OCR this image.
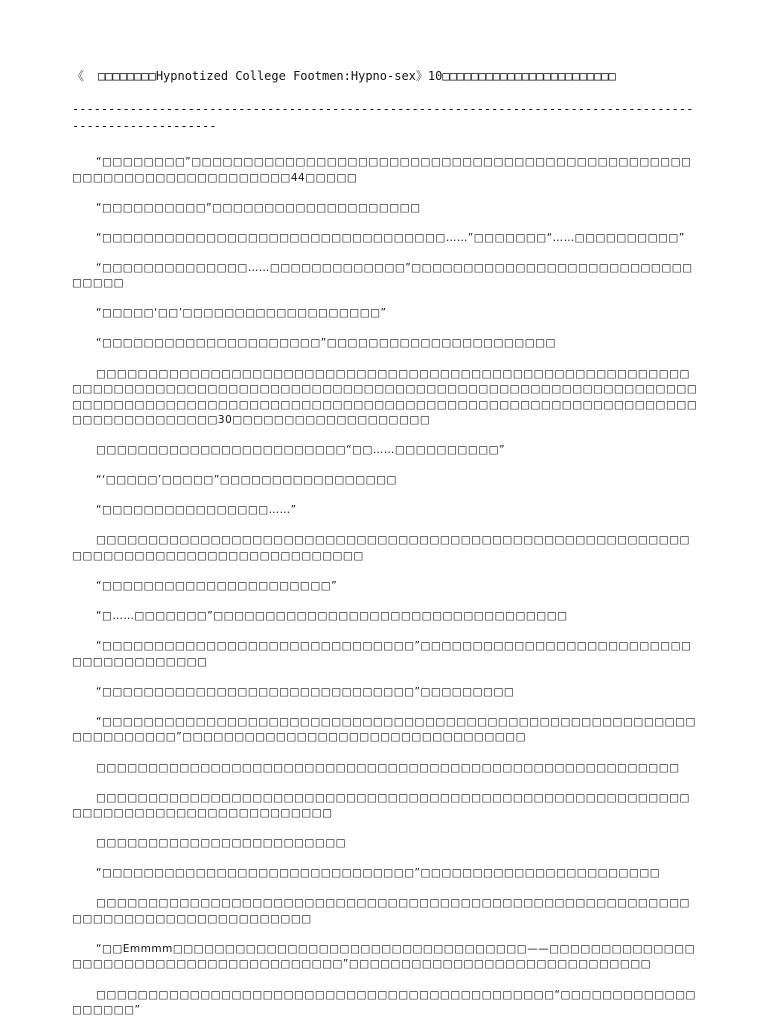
《 □□□□□□□□Hypnotized College Footmen:Hypno-sex》10□□□□□□□□□□□□□□□□□□□□□□□□
----------------------------------------------------------------------------------------------------------

“□□□□□□□□”□□□□□□□□□□□□□□□□□□□□□□□□□□□□□□□□□□□□□□□□□□□□□□□□□□□□□□□□□□□□□□□□□□□□□44□□□□□

“□□□□□□□□□□”□□□□□□□□□□□□□□□□□□□□

“□□□□□□□□□□□□□□□□□□□□□□□□□□□□□□□□□……”□□□□□□□“……□□□□□□□□□□”

“□□□□□□□□□□□□□□……□□□□□□□□□□□□□”□□□□□□□□□□□□□□□□□□□□□□□□□□□□□□□□

“□□□□□‘□□’□□□□□□□□□□□□□□□□□□□”

“□□□□□□□□□□□□□□□□□□□□□”□□□□□□□□□□□□□□□□□□□□□□

□□□□□□□□□□□□□□□□□□□□□□□□□□□□□□□□□□□□□□□□□□□□□□□□□□□□□□□□□□□□□□□□□□□□□□□□□□□□□□□□□□□□□□□□□□□□□□□□□□□□□□□□□□□□□□□□□□□□□□□□□□□□□□□□□□□□□□□□□□□□□□□□□□□□□□□□□□□□□□□□□□□□□□□□□□□□□□□□□□□□□□□□□□□□□□□30□□□□□□□□□□□□□□□□□□□

□□□□□□□□□□□□□□□□□□□□□□□□“□□……□□□□□□□□□□”

“‘□□□□□’□□□□□”□□□□□□□□□□□□□□□□□

“□□□□□□□□□□□□□□□□……”

□□□□□□□□□□□□□□□□□□□□□□□□□□□□□□□□□□□□□□□□□□□□□□□□□□□□□□□□□□□□□□□□□□□□□□□□□□□□□□□□□□□□□

“□□□□□□□□□□□□□□□□□□□□□□”

“□……□□□□□□□”□□□□□□□□□□□□□□□□□□□□□□□□□□□□□□□□□□

“□□□□□□□□□□□□□□□□□□□□□□□□□□□□□□”□□□□□□□□□□□□□□□□□□□□□□□□□□□□□□□□□□□□□□□

“□□□□□□□□□□□□□□□□□□□□□□□□□□□□□□”□□□□□□□□□

“□□□□□□□□□□□□□□□□□□□□□□□□□□□□□□□□□□□□□□□□□□□□□□□□□□□□□□□□□□□□□□□□□□□”□□□□□□□□□□□□□□□□□□□□□□□□□□□□□□□□□

□□□□□□□□□□□□□□□□□□□□□□□□□□□□□□□□□□□□□□□□□□□□□□□□□□□□□□□□

□□□□□□□□□□□□□□□□□□□□□□□□□□□□□□□□□□□□□□□□□□□□□□□□□□□□□□□□□□□□□□□□□□□□□□□□□□□□□□□□□□

□□□□□□□□□□□□□□□□□□□□□□□□

“□□□□□□□□□□□□□□□□□□□□□□□□□□□□□□”□□□□□□□□□□□□□□□□□□□□□□□

□□□□□□□□□□□□□□□□□□□□□□□□□□□□□□□□□□□□□□□□□□□□□□□□□□□□□□□□□□□□□□□□□□□□□□□□□□□□□□□□

“□□Emmmm□□□□□□□□□□□□□□□□□□□□□□□□□□□□□□□□□□——□□□□□□□□□□□□□□□□□□□□□□□□□□□□□□□□□□□□□□□□”□□□□□□□□□□□□□□□□□□□□□□□□□□□□□

□□□□□□□□□□□□□□□□□□□□□□□□□□□□□□□□□□□□□□□□□□□□“□□□□□□□□□□□□□□□□□□□”
